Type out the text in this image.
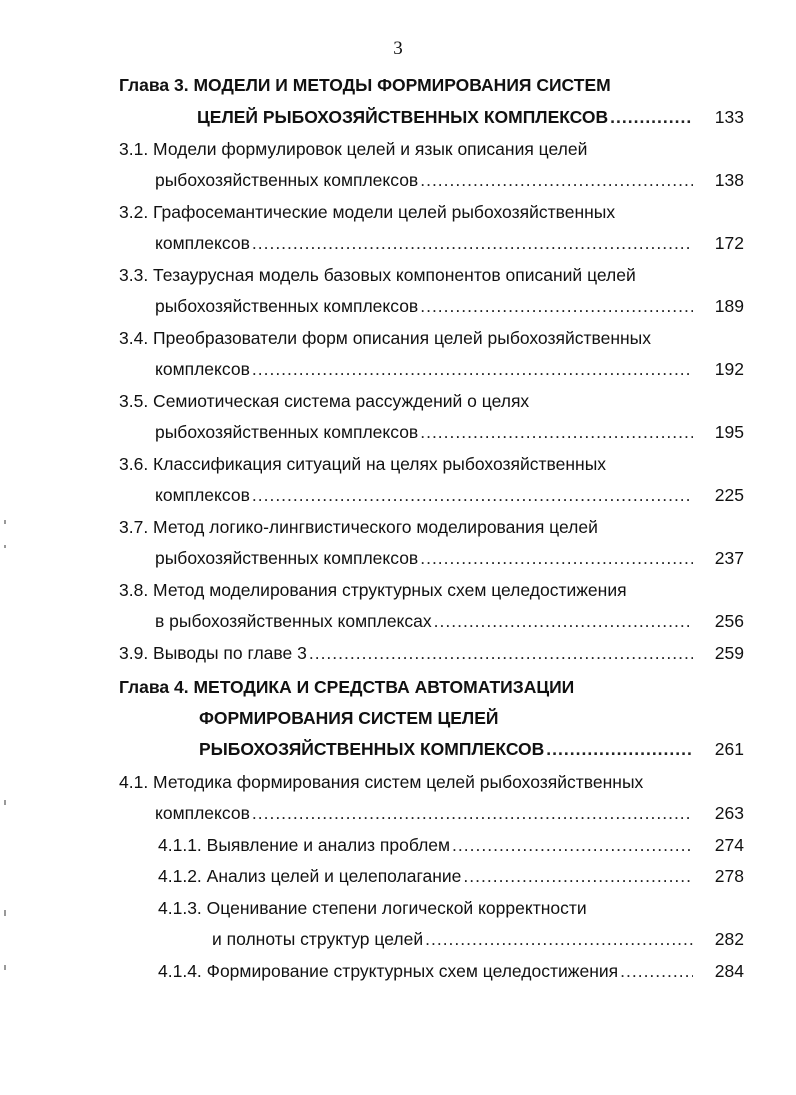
3
Глава 3. МОДЕЛИ И МЕТОДЫ ФОРМИРОВАНИЯ СИСТЕМ
ЦЕЛЕЙ РЫБОХОЗЯЙСТВЕННЫХ КОМПЛЕКСОВ .....	133
3.1. Модели формулировок целей и язык описания целей
рыбохозяйственных комплексов .....	138
3.2. Графосемантические модели целей рыбохозяйственных
комплексов .....	172
3.3. Тезаурусная модель базовых компонентов описаний целей
рыбохозяйственных комплексов .....	189
3.4. Преобразователи форм описания целей рыбохозяйственных
комплексов .....	192
3.5. Семиотическая система рассуждений о целях
рыбохозяйственных комплексов .....	195
3.6. Классификация ситуаций на целях рыбохозяйственных
комплексов .....	225
3.7. Метод логико-лингвистического моделирования целей
рыбохозяйственных комплексов .....	237
3.8. Метод моделирования структурных схем целедостижения
в рыбохозяйственных комплексах .....	256
3.9. Выводы по главе 3 .....	259
Глава 4. МЕТОДИКА И СРЕДСТВА АВТОМАТИЗАЦИИ
ФОРМИРОВАНИЯ СИСТЕМ ЦЕЛЕЙ
РЫБОХОЗЯЙСТВЕННЫХ КОМПЛЕКСОВ .....	261
4.1. Методика формирования систем целей рыбохозяйственных
комплексов .....	263
4.1.1. Выявление и анализ проблем .....	274
4.1.2. Анализ целей и целеполагание .....	278
4.1.3. Оценивание степени логической корректности
и полноты структур целей .....	282
4.1.4. Формирование структурных схем целедостижения .....	284
